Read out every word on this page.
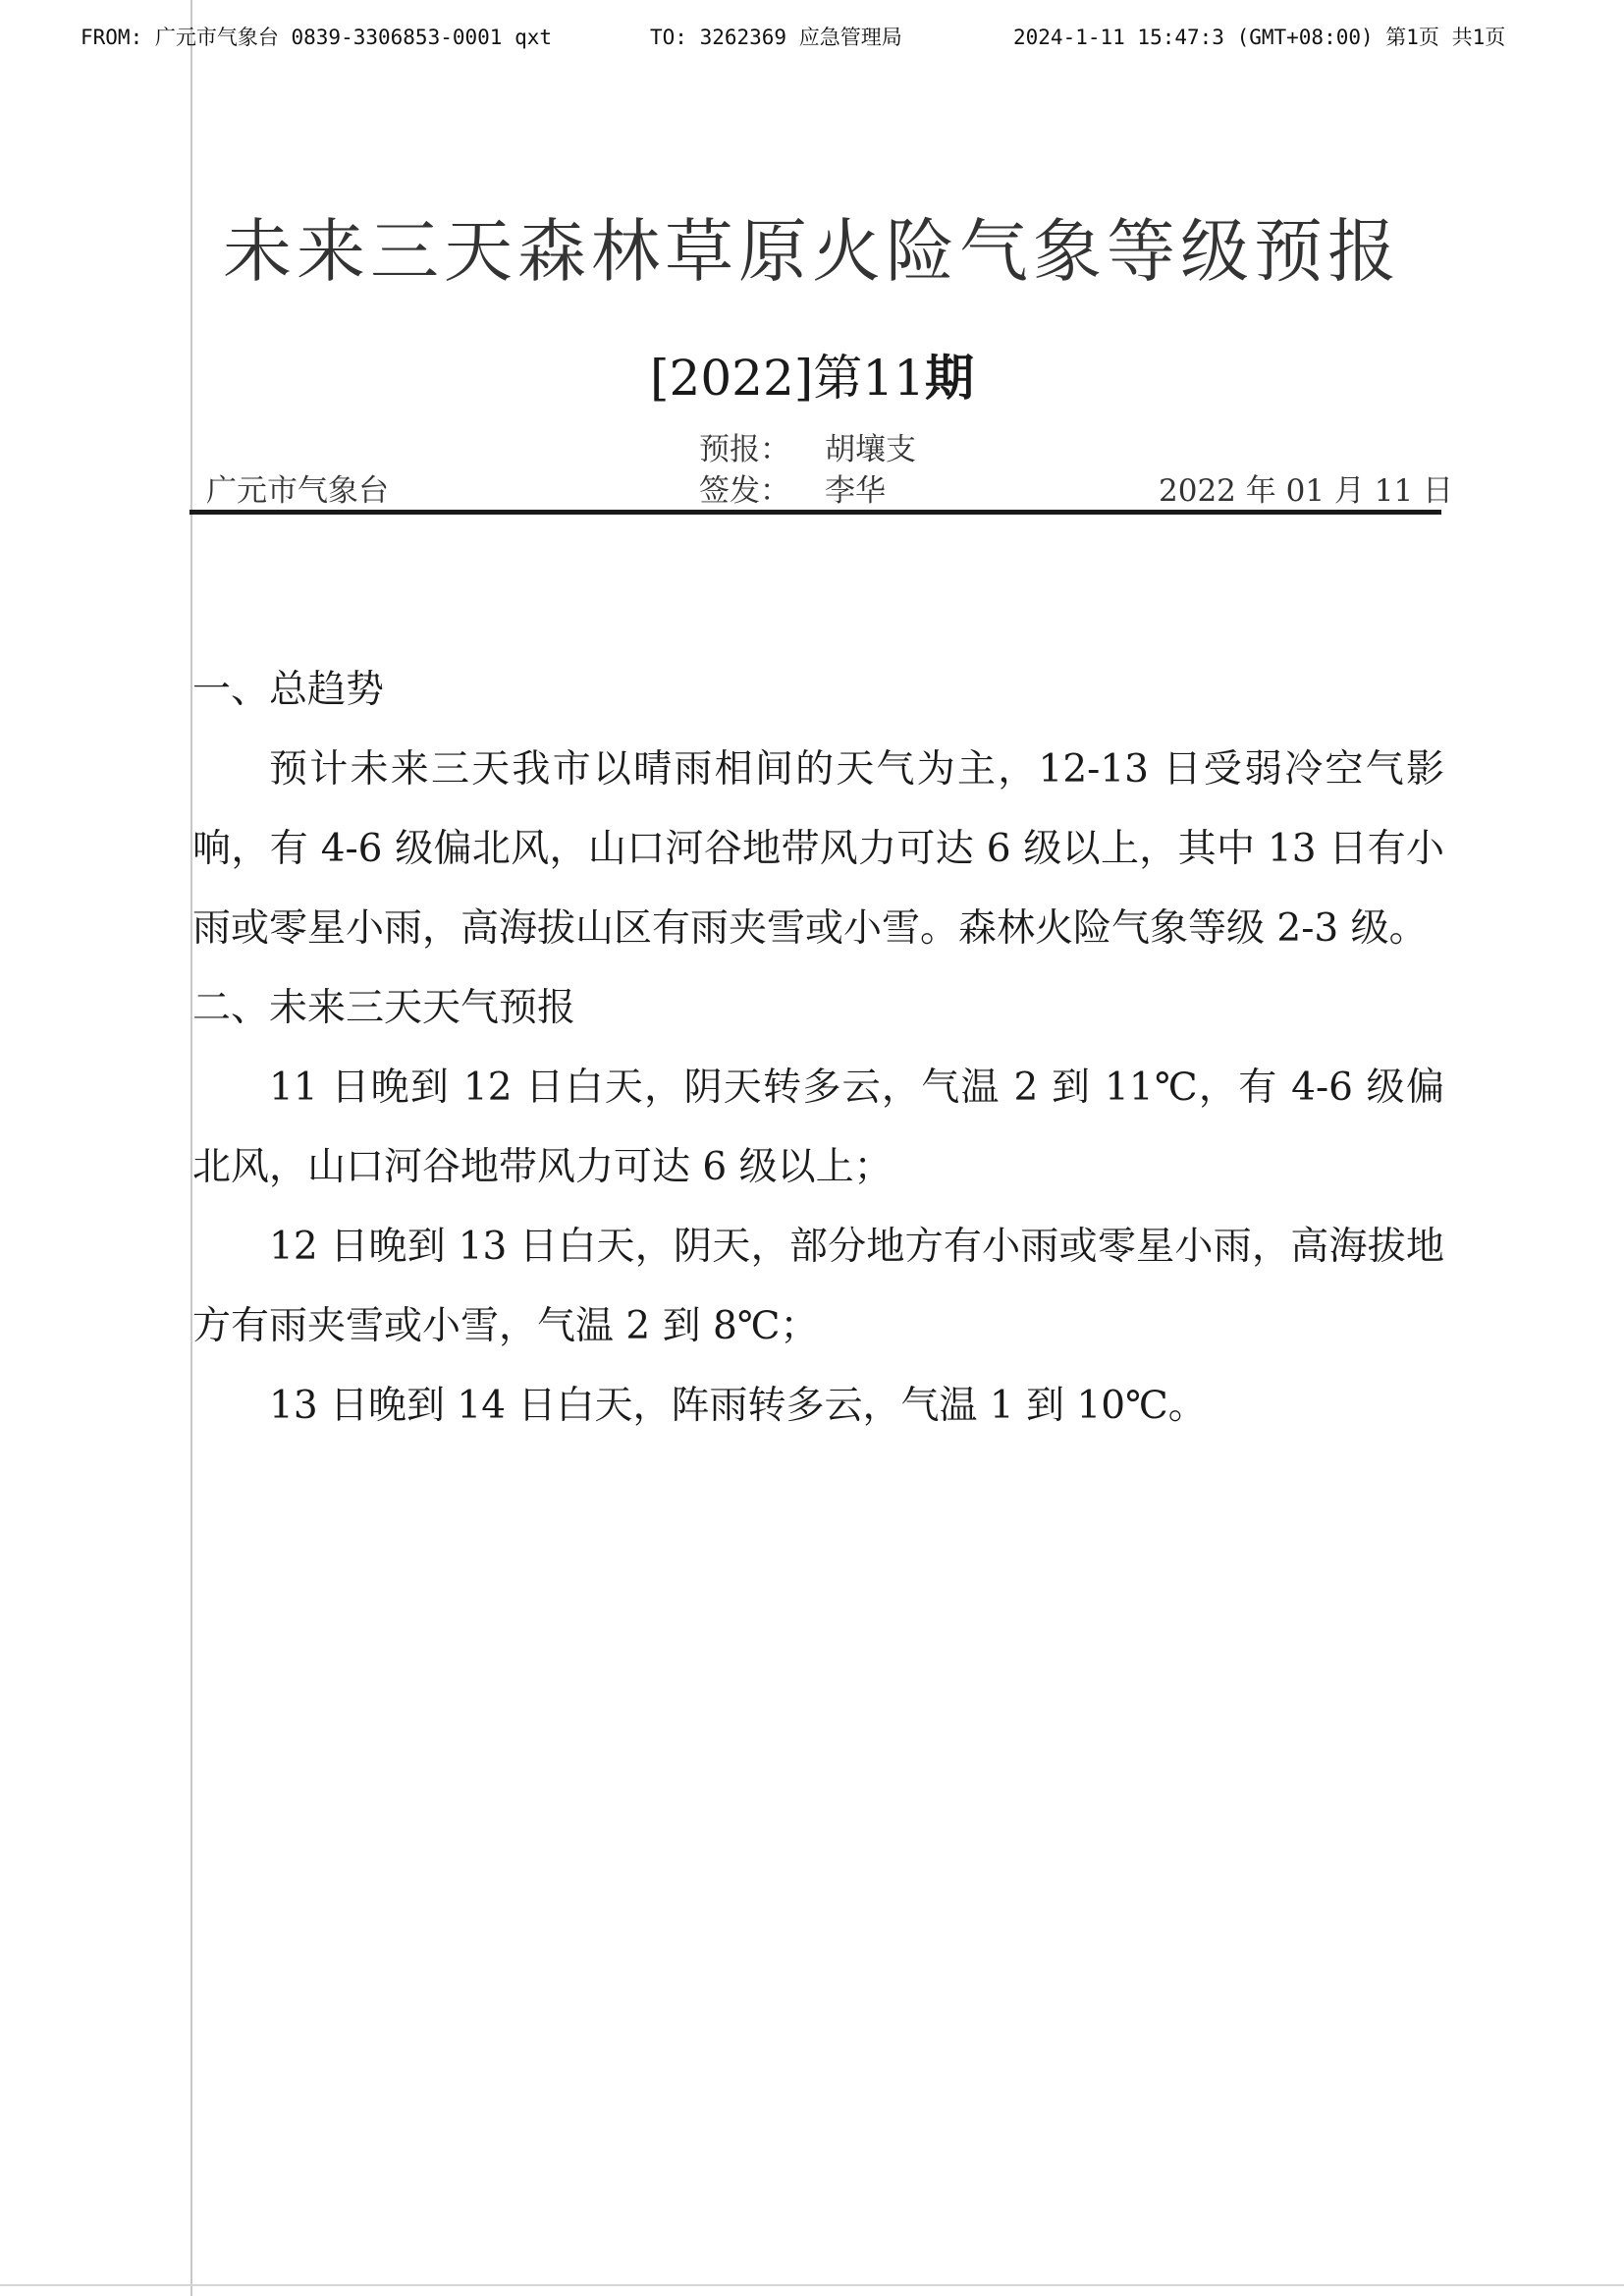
FROM: 广元市气象台 0839-3306853-0001 qxt	TO: 3262369 应急管理局	2024-1-11 15:47:3 (GMT+08:00) 第1页 共1页
未来三天森林草原火险气象等级预报
[2022]第11期
预报： 胡壤支
签发： 李华
广元市气象台	2022 年 01 月 11 日
一、总趋势

预计未来三天我市以晴雨相间的天气为主，12-13 日受弱冷空气影响，有 4-6 级偏北风，山口河谷地带风力可达 6 级以上，其中 13 日有小雨或零星小雨，高海拔山区有雨夹雪或小雪。森林火险气象等级 2-3 级。

二、未来三天天气预报

11 日晚到 12 日白天，阴天转多云，气温 2 到 11℃，有 4-6 级偏北风，山口河谷地带风力可达 6 级以上；

12 日晚到 13 日白天，阴天，部分地方有小雨或零星小雨，高海拔地方有雨夹雪或小雪，气温 2 到 8℃；

13 日晚到 14 日白天，阵雨转多云，气温 1 到 10℃。
